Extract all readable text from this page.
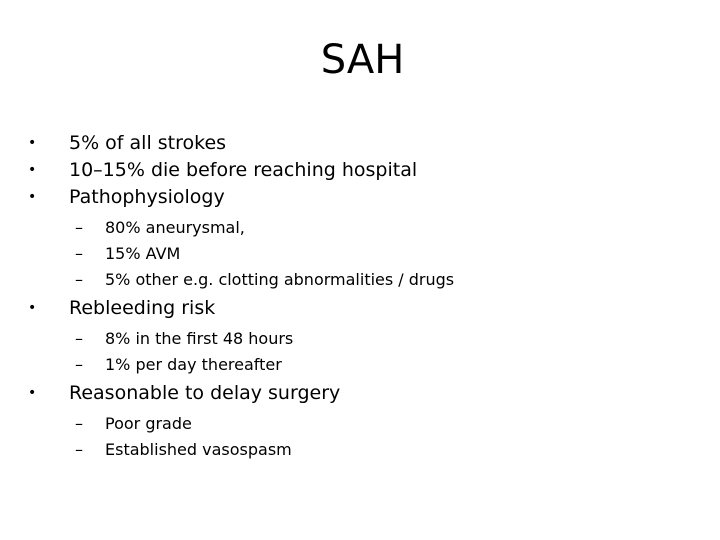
SAH
• 5% of all strokes
• 10–15% die before reaching hospital
• Pathophysiology
– 80% aneurysmal,
– 15% AVM
– 5% other e.g. clotting abnormalities / drugs
• Rebleeding risk
– 8% in the first 48 hours
– 1% per day thereafter
• Reasonable to delay surgery
– Poor grade
– Established vasospasm
